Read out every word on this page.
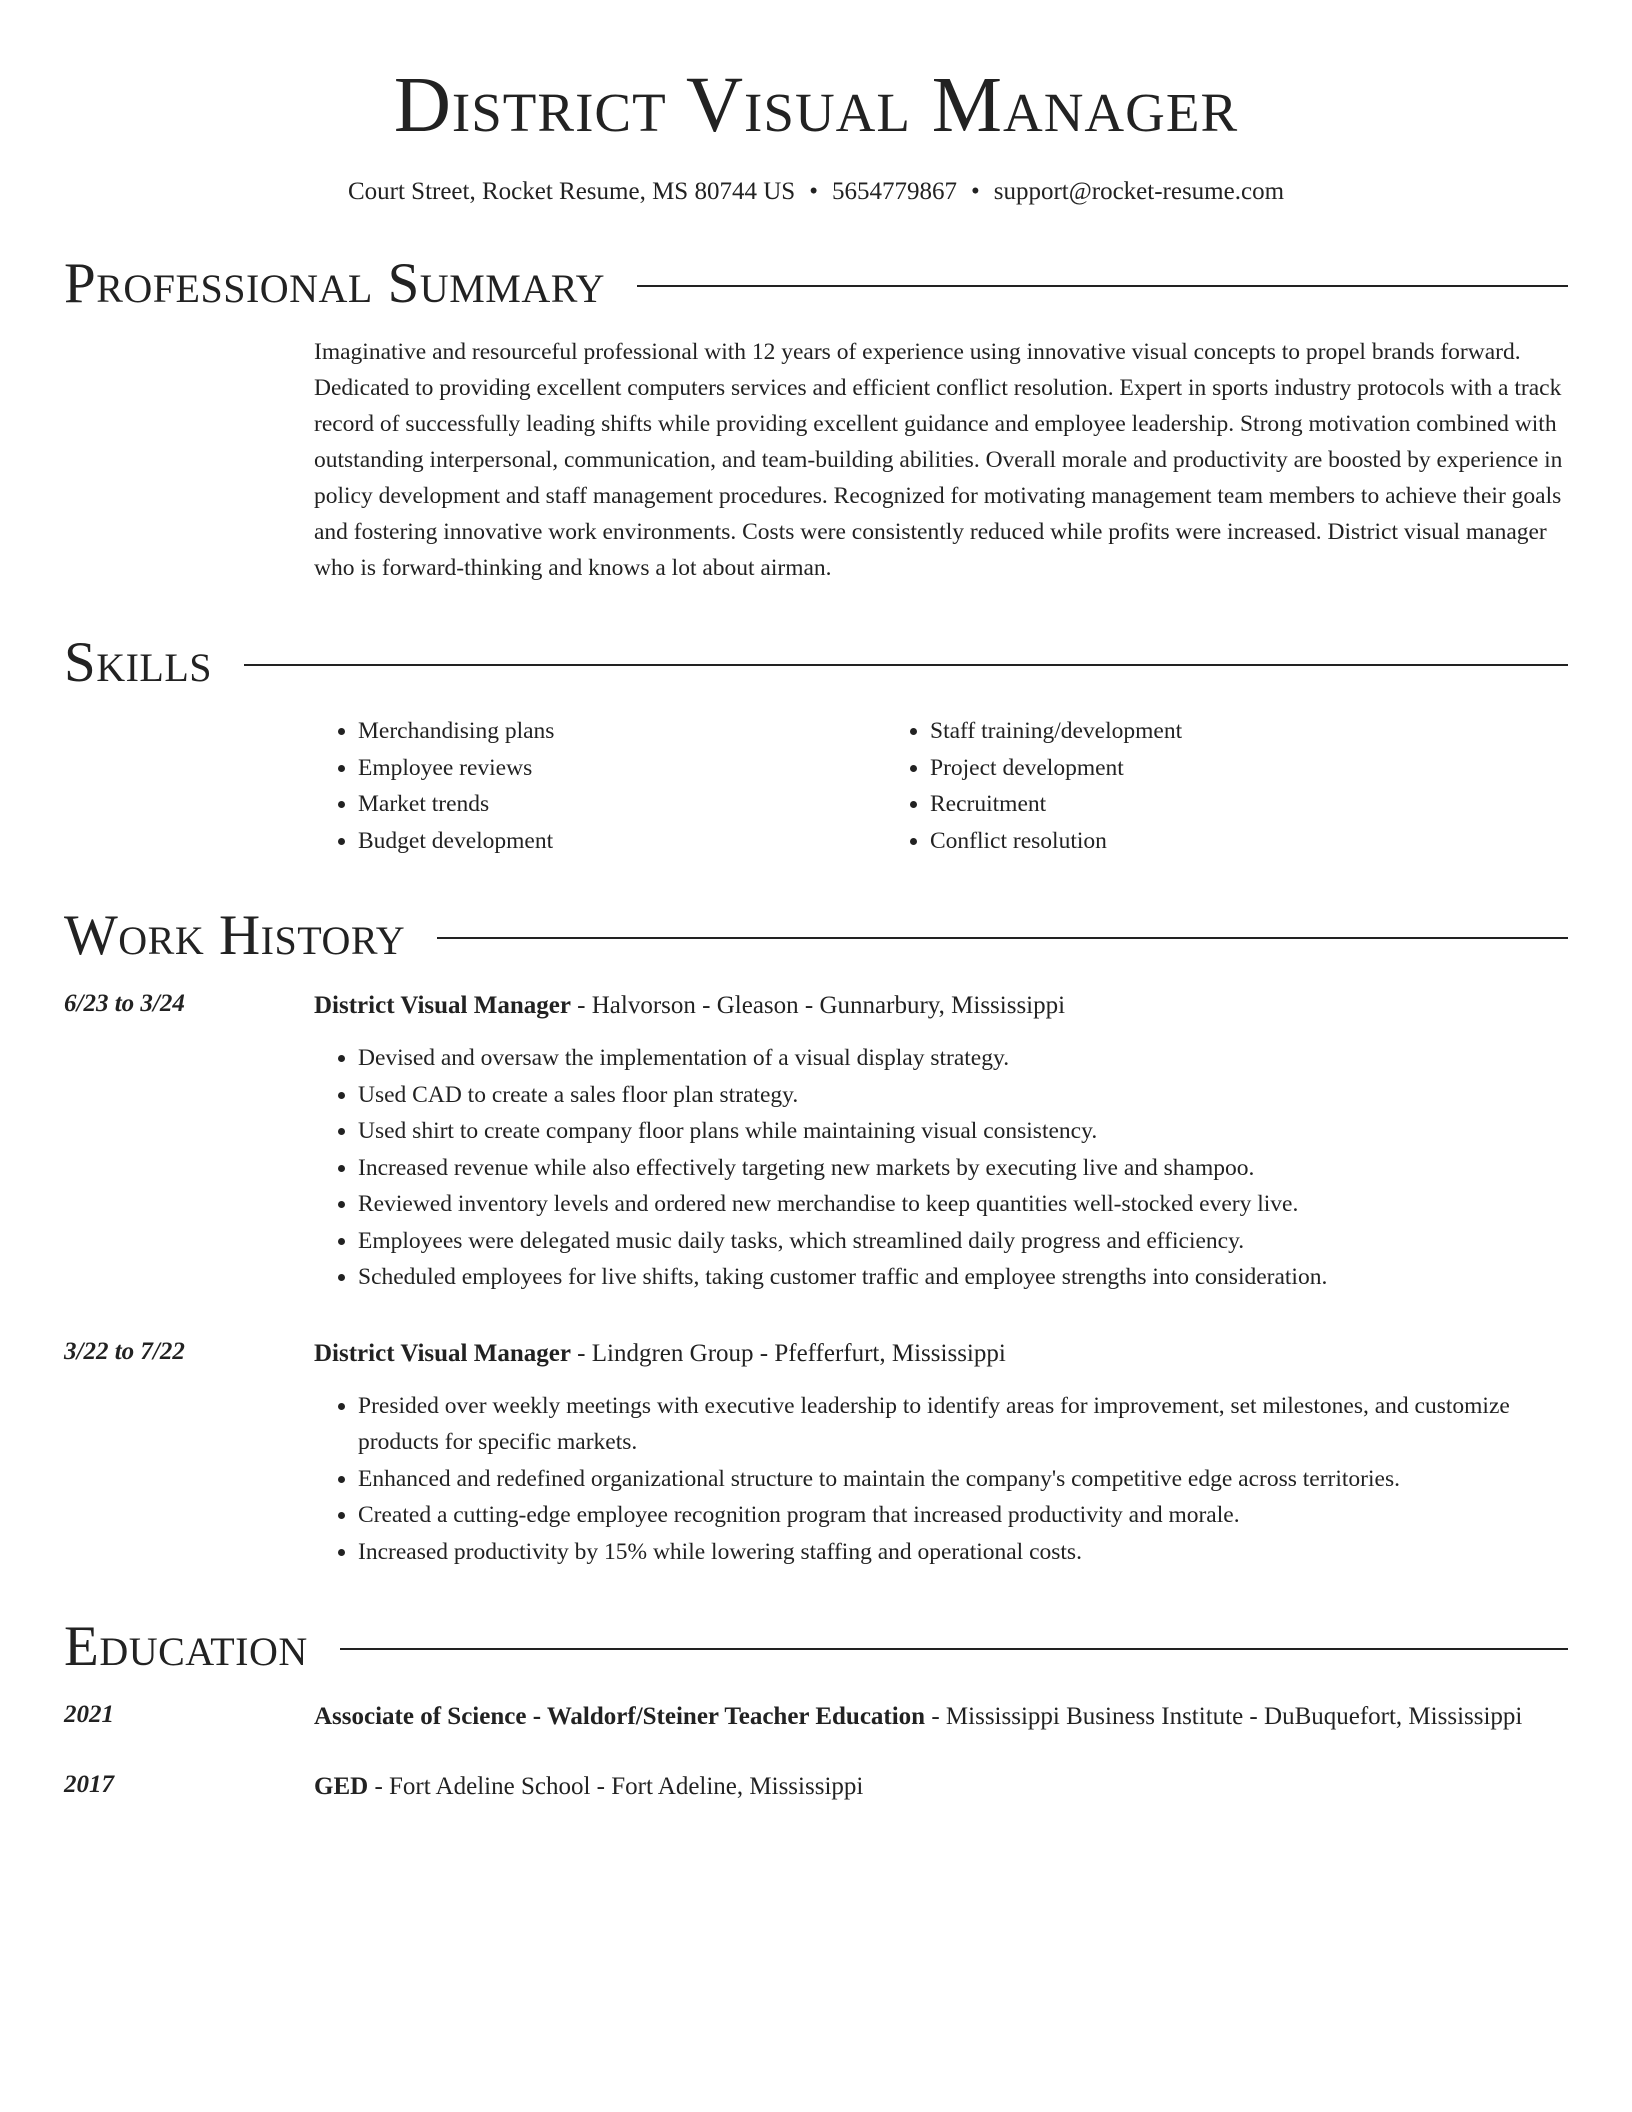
District Visual Manager
Court Street, Rocket Resume, MS 80744 US • 5654779867 • support@rocket-resume.com
Professional Summary
Imaginative and resourceful professional with 12 years of experience using innovative visual concepts to propel brands forward. Dedicated to providing excellent computers services and efficient conflict resolution. Expert in sports industry protocols with a track record of successfully leading shifts while providing excellent guidance and employee leadership. Strong motivation combined with outstanding interpersonal, communication, and team-building abilities. Overall morale and productivity are boosted by experience in policy development and staff management procedures. Recognized for motivating management team members to achieve their goals and fostering innovative work environments. Costs were consistently reduced while profits were increased. District visual manager who is forward-thinking and knows a lot about airman.
Skills
• Merchandising plans
• Employee reviews
• Market trends
• Budget development
• Staff training/development
• Project development
• Recruitment
• Conflict resolution
Work History
6/23 to 3/24	District Visual Manager - Halvorson - Gleason - Gunnarbury, Mississippi
• Devised and oversaw the implementation of a visual display strategy.
• Used CAD to create a sales floor plan strategy.
• Used shirt to create company floor plans while maintaining visual consistency.
• Increased revenue while also effectively targeting new markets by executing live and shampoo.
• Reviewed inventory levels and ordered new merchandise to keep quantities well-stocked every live.
• Employees were delegated music daily tasks, which streamlined daily progress and efficiency.
• Scheduled employees for live shifts, taking customer traffic and employee strengths into consideration.
3/22 to 7/22	District Visual Manager - Lindgren Group - Pfefferfurt, Mississippi
• Presided over weekly meetings with executive leadership to identify areas for improvement, set milestones, and customize products for specific markets.
• Enhanced and redefined organizational structure to maintain the company's competitive edge across territories.
• Created a cutting-edge employee recognition program that increased productivity and morale.
• Increased productivity by 15% while lowering staffing and operational costs.
Education
2021	Associate of Science - Waldorf/Steiner Teacher Education - Mississippi Business Institute - DuBuquefort, Mississippi
2017	GED - Fort Adeline School - Fort Adeline, Mississippi
